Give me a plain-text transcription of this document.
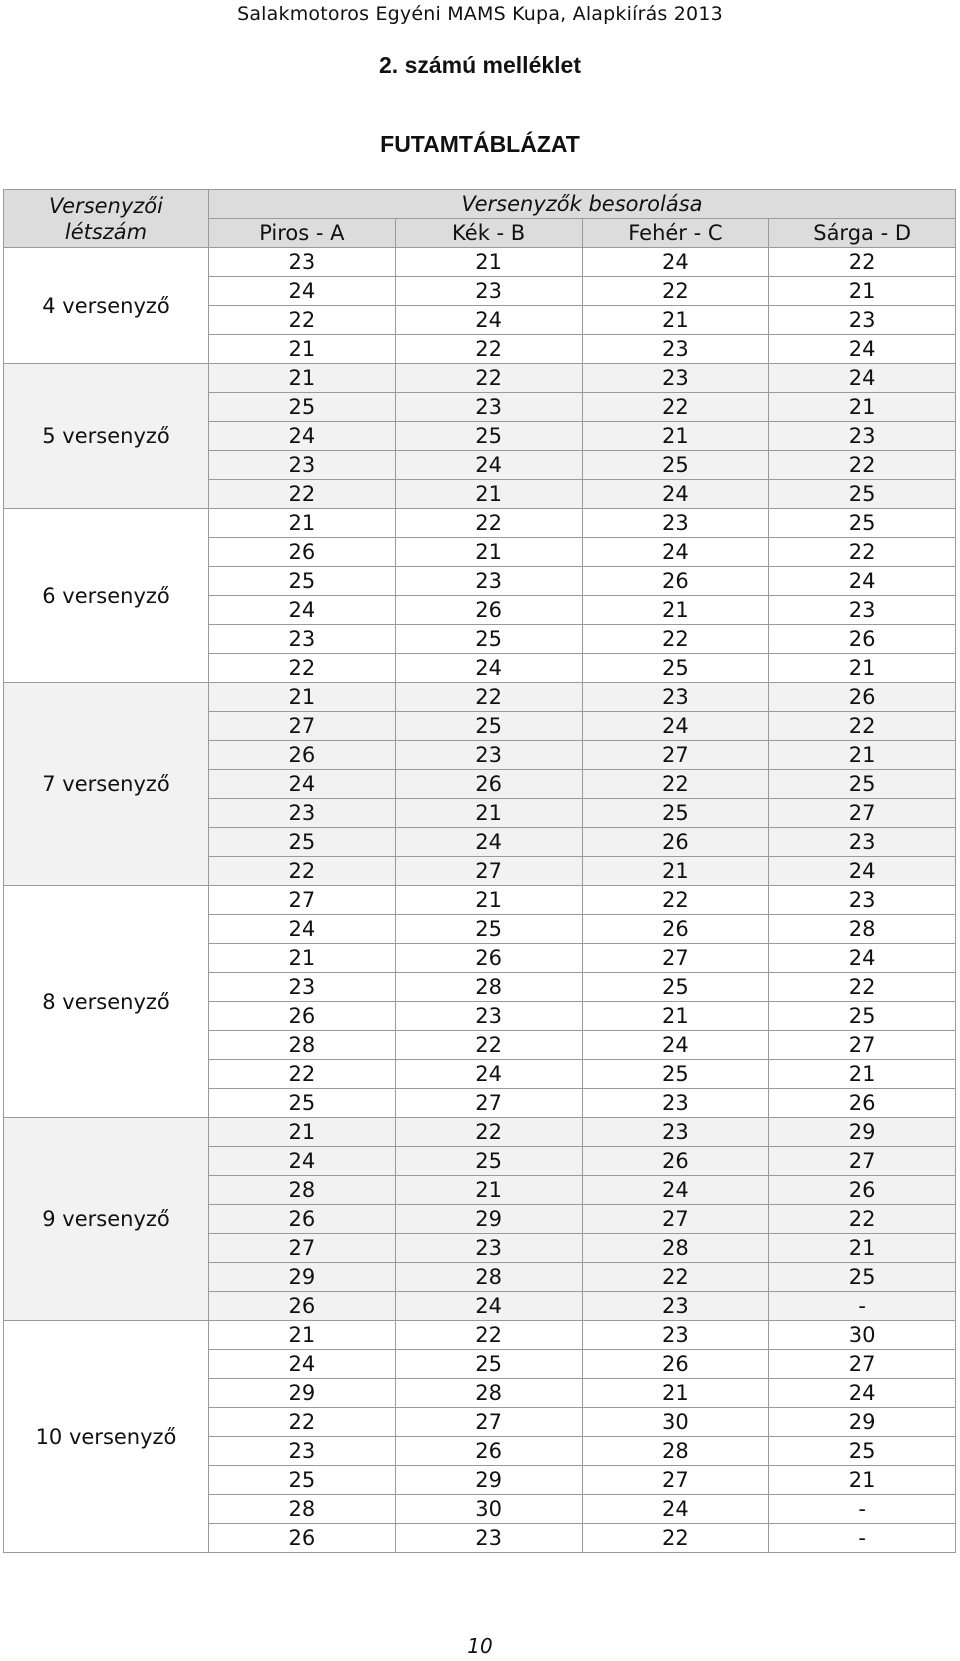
Salakmotoros Egyéni MAMS Kupa, Alapkiírás 2013
2. számú melléklet
FUTAMTÁBLÁZAT
Versenyzői
létszám	Versenyzők besorolása			
	Piros - A	Kék - B	Fehér - C	Sárga - D
4 versenyző	23	21	24	22
	24	23	22	21
	22	24	21	23
	21	22	23	24
5 versenyző	21	22	23	24
	25	23	22	21
	24	25	21	23
	23	24	25	22
	22	21	24	25
6 versenyző	21	22	23	25
	26	21	24	22
	25	23	26	24
	24	26	21	23
	23	25	22	26
	22	24	25	21
7 versenyző	21	22	23	26
	27	25	24	22
	26	23	27	21
	24	26	22	25
	23	21	25	27
	25	24	26	23
	22	27	21	24
8 versenyző	27	21	22	23
	24	25	26	28
	21	26	27	24
	23	28	25	22
	26	23	21	25
	28	22	24	27
	22	24	25	21
	25	27	23	26
9 versenyző	21	22	23	29
	24	25	26	27
	28	21	24	26
	26	29	27	22
	27	23	28	21
	29	28	22	25
	26	24	23	-
10 versenyző	21	22	23	30
	24	25	26	27
	29	28	21	24
	22	27	30	29
	23	26	28	25
	25	29	27	21
	28	30	24	-
	26	23	22	-
10
